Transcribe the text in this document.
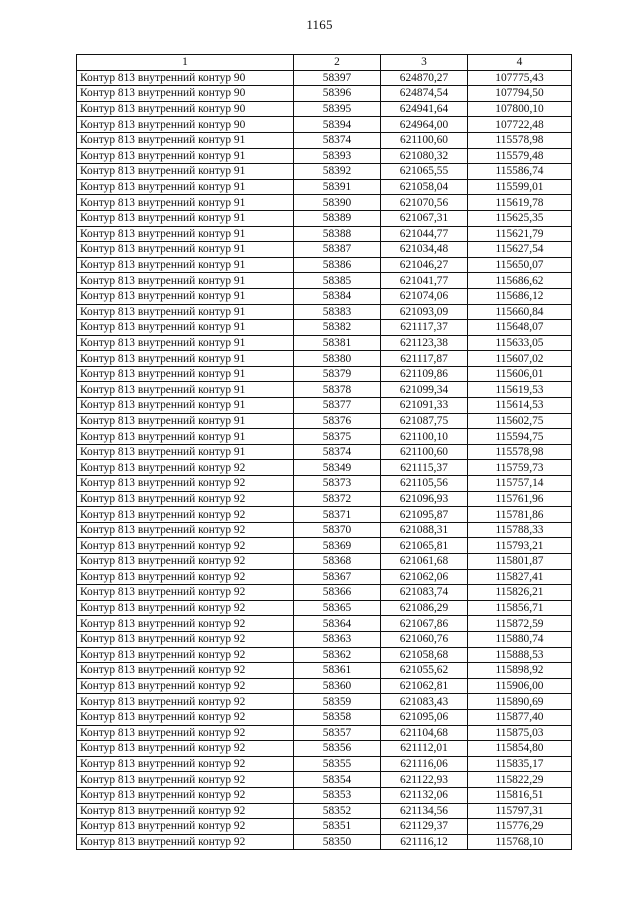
1165
1	2	3	4
Контур 813 внутренний контур 90	58397	624870,27	107775,43
Контур 813 внутренний контур 90	58396	624874,54	107794,50
Контур 813 внутренний контур 90	58395	624941,64	107800,10
Контур 813 внутренний контур 90	58394	624964,00	107722,48
Контур 813 внутренний контур 91	58374	621100,60	115578,98
Контур 813 внутренний контур 91	58393	621080,32	115579,48
Контур 813 внутренний контур 91	58392	621065,55	115586,74
Контур 813 внутренний контур 91	58391	621058,04	115599,01
Контур 813 внутренний контур 91	58390	621070,56	115619,78
Контур 813 внутренний контур 91	58389	621067,31	115625,35
Контур 813 внутренний контур 91	58388	621044,77	115621,79
Контур 813 внутренний контур 91	58387	621034,48	115627,54
Контур 813 внутренний контур 91	58386	621046,27	115650,07
Контур 813 внутренний контур 91	58385	621041,77	115686,62
Контур 813 внутренний контур 91	58384	621074,06	115686,12
Контур 813 внутренний контур 91	58383	621093,09	115660,84
Контур 813 внутренний контур 91	58382	621117,37	115648,07
Контур 813 внутренний контур 91	58381	621123,38	115633,05
Контур 813 внутренний контур 91	58380	621117,87	115607,02
Контур 813 внутренний контур 91	58379	621109,86	115606,01
Контур 813 внутренний контур 91	58378	621099,34	115619,53
Контур 813 внутренний контур 91	58377	621091,33	115614,53
Контур 813 внутренний контур 91	58376	621087,75	115602,75
Контур 813 внутренний контур 91	58375	621100,10	115594,75
Контур 813 внутренний контур 91	58374	621100,60	115578,98
Контур 813 внутренний контур 92	58349	621115,37	115759,73
Контур 813 внутренний контур 92	58373	621105,56	115757,14
Контур 813 внутренний контур 92	58372	621096,93	115761,96
Контур 813 внутренний контур 92	58371	621095,87	115781,86
Контур 813 внутренний контур 92	58370	621088,31	115788,33
Контур 813 внутренний контур 92	58369	621065,81	115793,21
Контур 813 внутренний контур 92	58368	621061,68	115801,87
Контур 813 внутренний контур 92	58367	621062,06	115827,41
Контур 813 внутренний контур 92	58366	621083,74	115826,21
Контур 813 внутренний контур 92	58365	621086,29	115856,71
Контур 813 внутренний контур 92	58364	621067,86	115872,59
Контур 813 внутренний контур 92	58363	621060,76	115880,74
Контур 813 внутренний контур 92	58362	621058,68	115888,53
Контур 813 внутренний контур 92	58361	621055,62	115898,92
Контур 813 внутренний контур 92	58360	621062,81	115906,00
Контур 813 внутренний контур 92	58359	621083,43	115890,69
Контур 813 внутренний контур 92	58358	621095,06	115877,40
Контур 813 внутренний контур 92	58357	621104,68	115875,03
Контур 813 внутренний контур 92	58356	621112,01	115854,80
Контур 813 внутренний контур 92	58355	621116,06	115835,17
Контур 813 внутренний контур 92	58354	621122,93	115822,29
Контур 813 внутренний контур 92	58353	621132,06	115816,51
Контур 813 внутренний контур 92	58352	621134,56	115797,31
Контур 813 внутренний контур 92	58351	621129,37	115776,29
Контур 813 внутренний контур 92	58350	621116,12	115768,10
